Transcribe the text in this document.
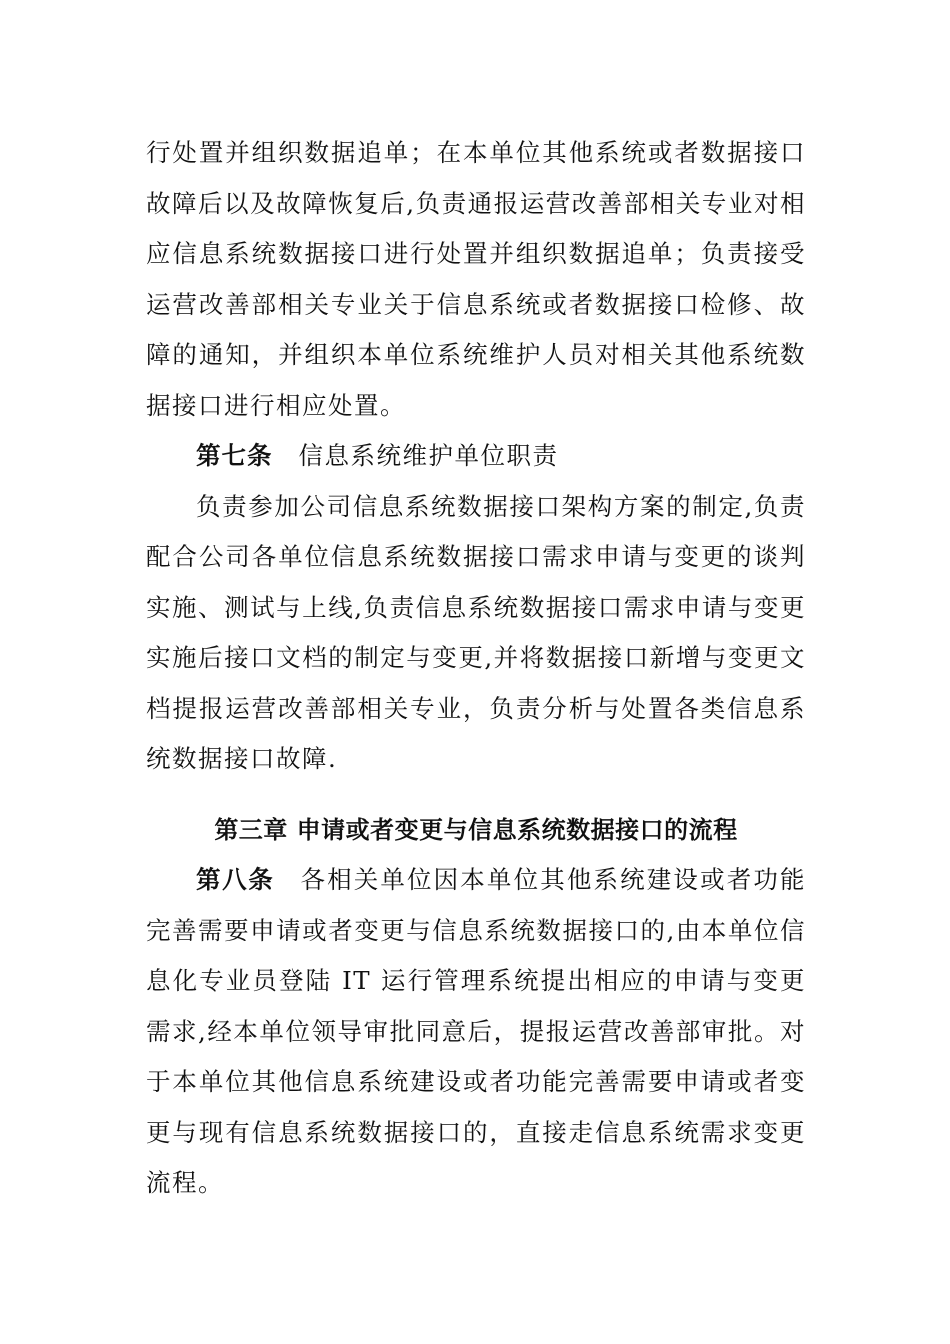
行处置并组织数据追单；在本单位其他系统或者数据接口故障后以及故障恢复后,负责通报运营改善部相关专业对相应信息系统数据接口进行处置并组织数据追单；负责接受运营改善部相关专业关于信息系统或者数据接口检修、故障的通知，并组织本单位系统维护人员对相关其他系统数据接口进行相应处置。

第七条 信息系统维护单位职责

负责参加公司信息系统数据接口架构方案的制定,负责配合公司各单位信息系统数据接口需求申请与变更的谈判实施、测试与上线,负责信息系统数据接口需求申请与变更实施后接口文档的制定与变更,并将数据接口新增与变更文档提报运营改善部相关专业，负责分析与处置各类信息系统数据接口故障.

第三章 申请或者变更与信息系统数据接口的流程

第八条 各相关单位因本单位其他系统建设或者功能完善需要申请或者变更与信息系统数据接口的,由本单位信息化专业员登陆 IT 运行管理系统提出相应的申请与变更需求,经本单位领导审批同意后，提报运营改善部审批。对于本单位其他信息系统建设或者功能完善需要申请或者变更与现有信息系统数据接口的，直接走信息系统需求变更流程。
